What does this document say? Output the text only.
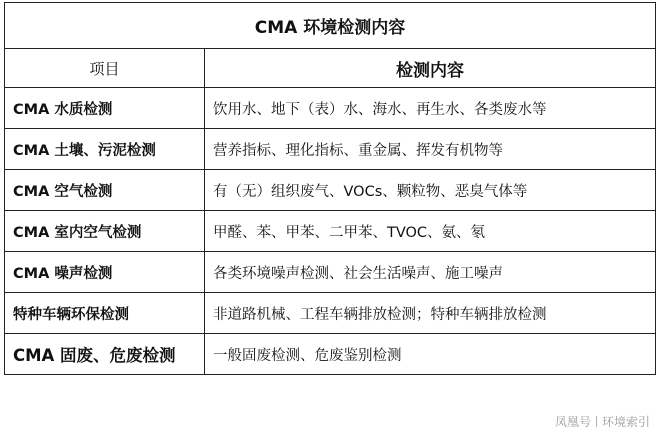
CMA 环境检测内容	
项目	检测内容
CMA 水质检测	饮用水、地下（表）水、海水、再生水、各类废水等
CMA 土壤、污泥检测	营养指标、理化指标、重金属、挥发有机物等
CMA 空气检测	有（无）组织废气、VOCs、颗粒物、恶臭气体等
CMA 室内空气检测	甲醛、苯、甲苯、二甲苯、TVOC、氨、氡
CMA 噪声检测	各类环境噪声检测、社会生活噪声、施工噪声
特种车辆环保检测	非道路机械、工程车辆排放检测；特种车辆排放检测
CMA 固废、危废检测	一般固废检测、危废鉴别检测
凤凰号 环境索引
